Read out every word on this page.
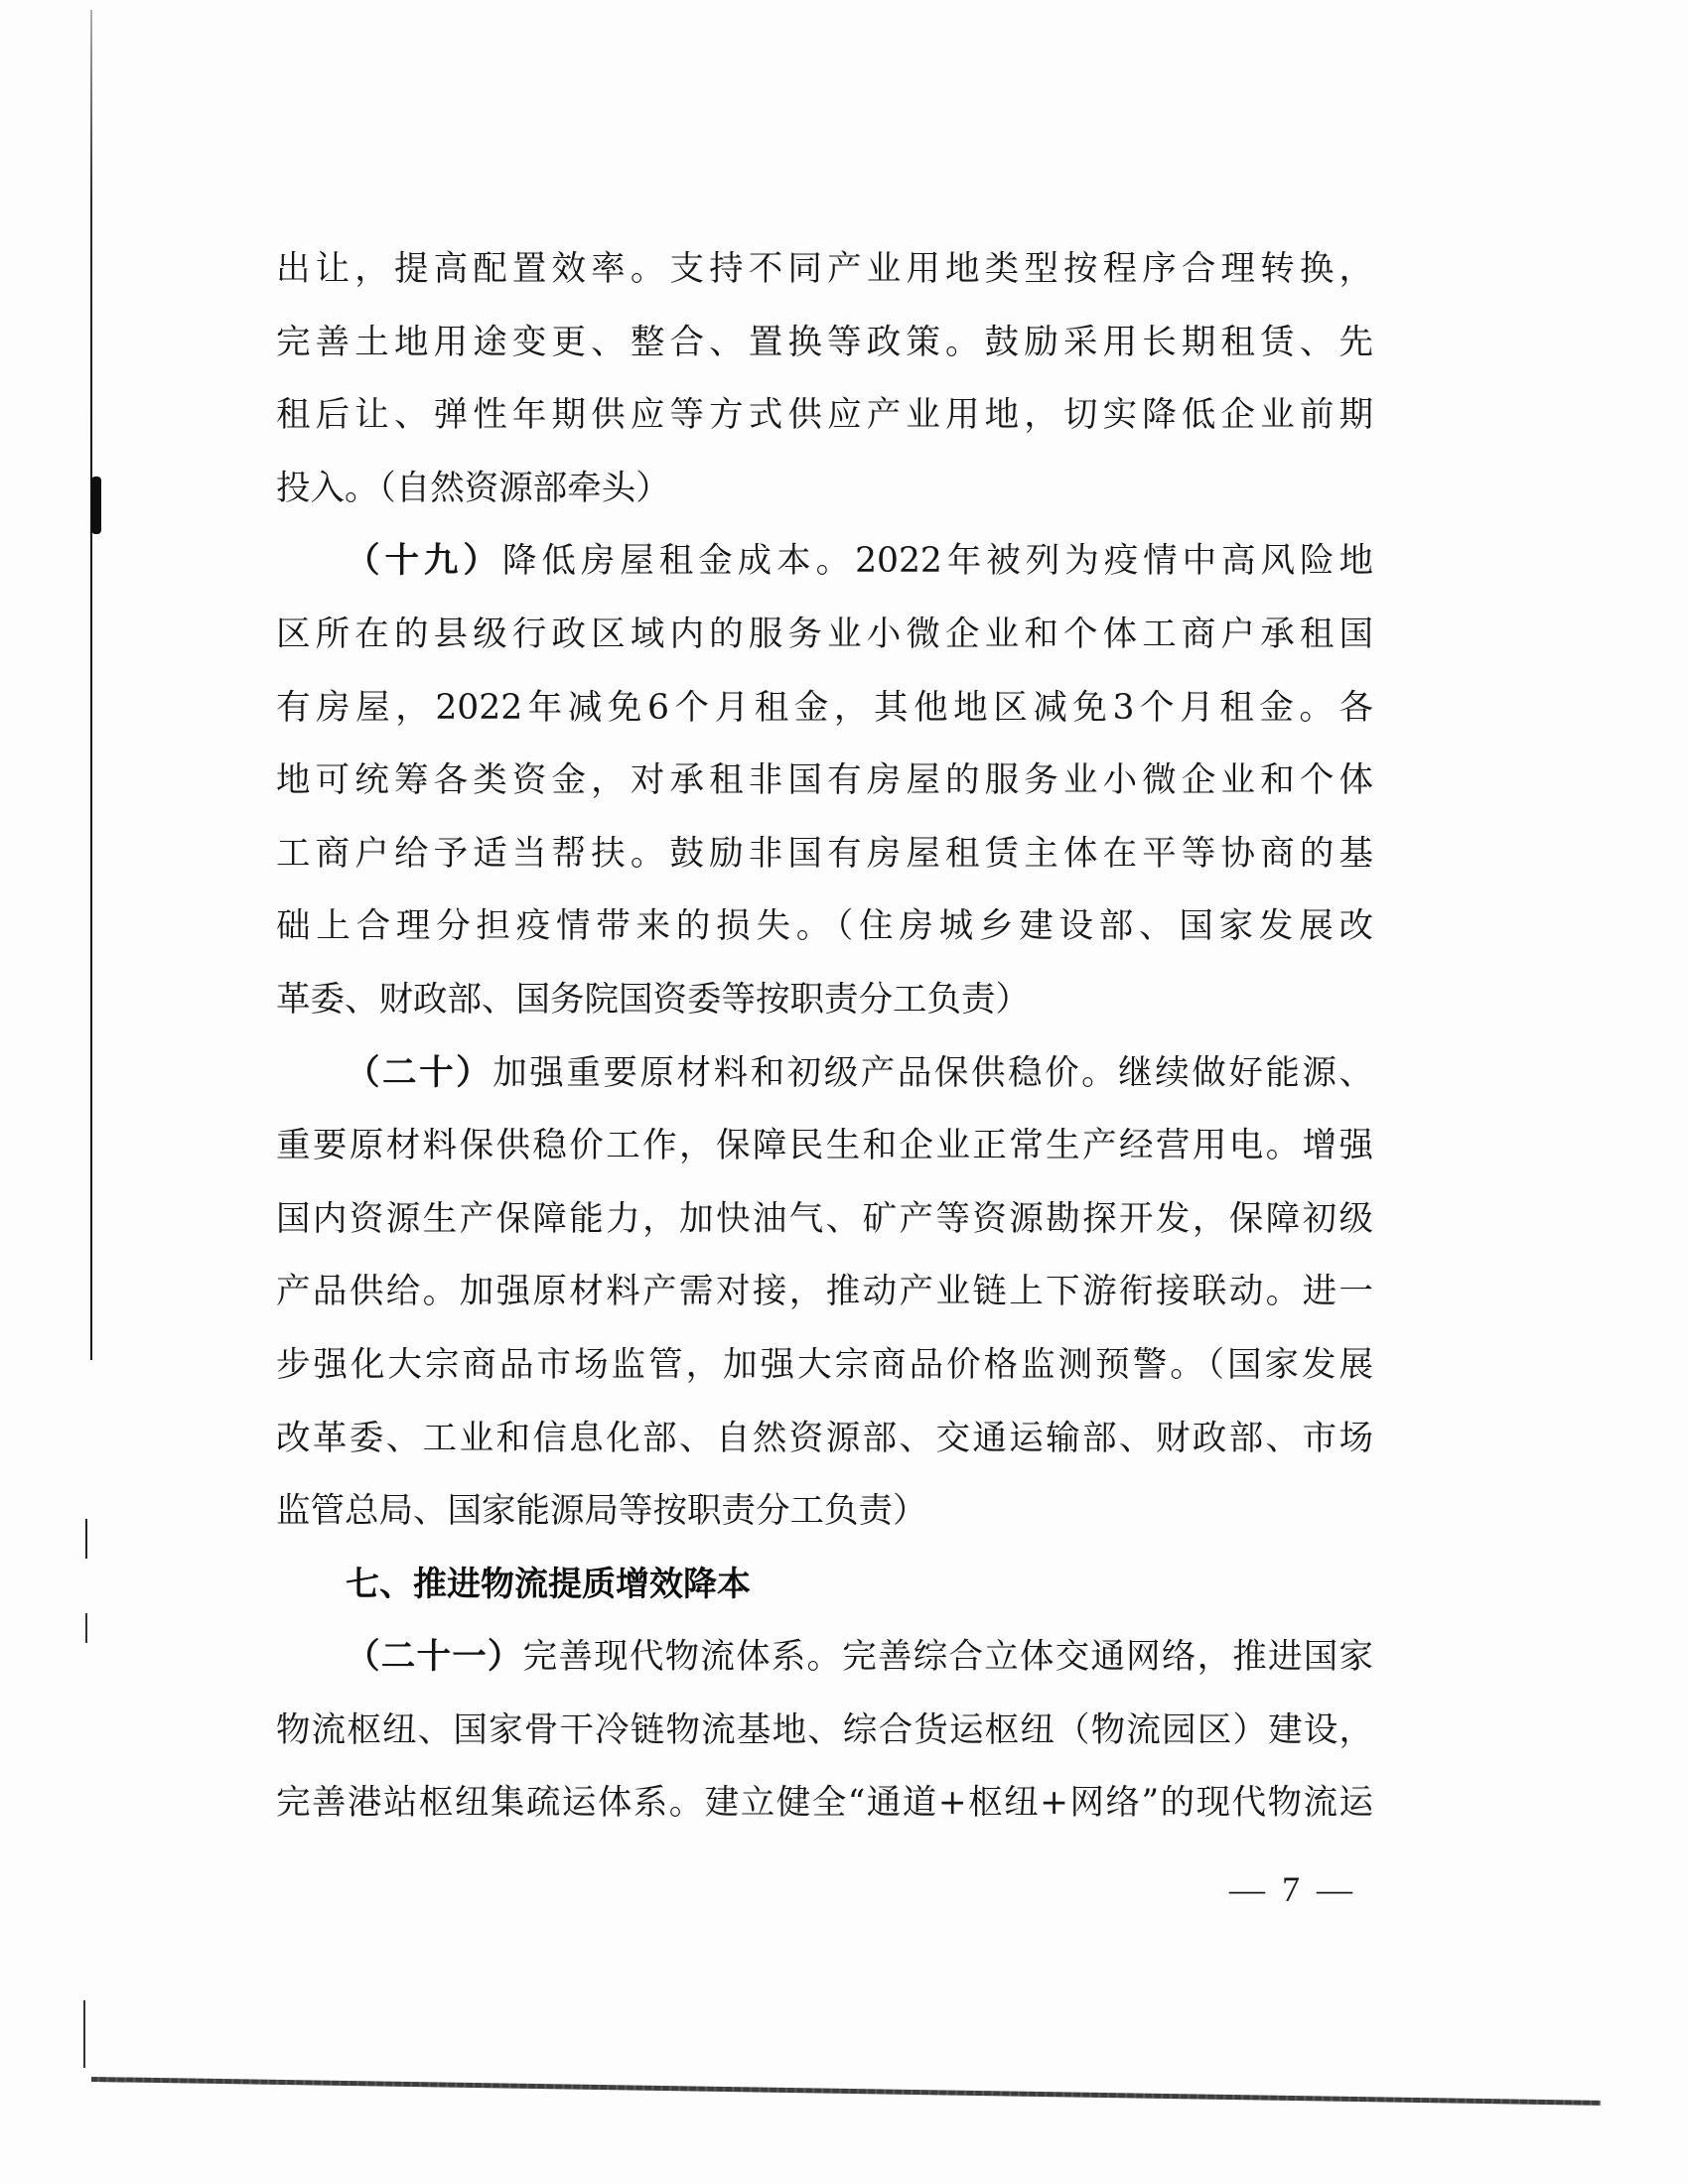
出让，提高配置效率。支持不同产业用地类型按程序合理转换，
完善土地用途变更、整合、置换等政策。鼓励采用长期租赁、先
租后让、弹性年期供应等方式供应产业用地，切实降低企业前期
投入。（自然资源部牵头）
（十九）降低房屋租金成本。2022年被列为疫情中高风险地
区所在的县级行政区域内的服务业小微企业和个体工商户承租国
有房屋，2022年减免6个月租金，其他地区减免3个月租金。各
地可统筹各类资金，对承租非国有房屋的服务业小微企业和个体
工商户给予适当帮扶。鼓励非国有房屋租赁主体在平等协商的基
础上合理分担疫情带来的损失。（住房城乡建设部、国家发展改
革委、财政部、国务院国资委等按职责分工负责）
（二十）加强重要原材料和初级产品保供稳价。继续做好能源、
重要原材料保供稳价工作，保障民生和企业正常生产经营用电。增强
国内资源生产保障能力，加快油气、矿产等资源勘探开发，保障初级
产品供给。加强原材料产需对接，推动产业链上下游衔接联动。进一
步强化大宗商品市场监管，加强大宗商品价格监测预警。（国家发展
改革委、工业和信息化部、自然资源部、交通运输部、财政部、市场
监管总局、国家能源局等按职责分工负责）
七、推进物流提质增效降本
（二十一）完善现代物流体系。完善综合立体交通网络，推进国家
物流枢纽、国家骨干冷链物流基地、综合货运枢纽（物流园区）建设，
完善港站枢纽集疏运体系。建立健全“通道+枢纽+网络”的现代物流运
— 7 —
